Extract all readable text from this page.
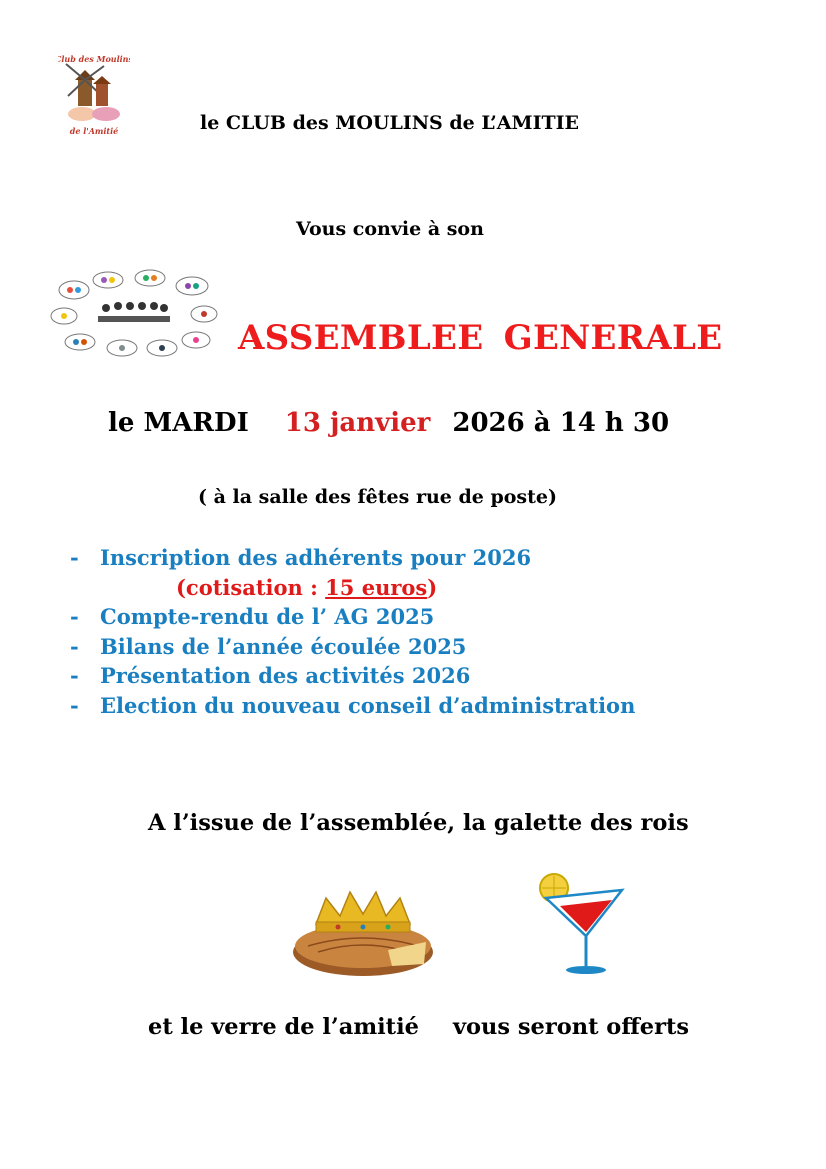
Club des Moulins
de l'Amitié	le CLUB des MOULINS de L’AMITIE
Vous convie à son
ASSEMBLEE GENERALE
le MARDI 13 janvier 2026 à 14 h 30
( à la salle des fêtes rue de poste)
- Inscription des adhérents pour 2026
(cotisation : 15 euros)
- Compte-rendu de l’ AG 2025
- Bilans de l’année écoulée 2025
- Présentation des activités 2026
- Election du nouveau conseil d’administration
A l’issue de l’assemblée, la galette des rois
et le verre de l’amitié vous seront offerts
